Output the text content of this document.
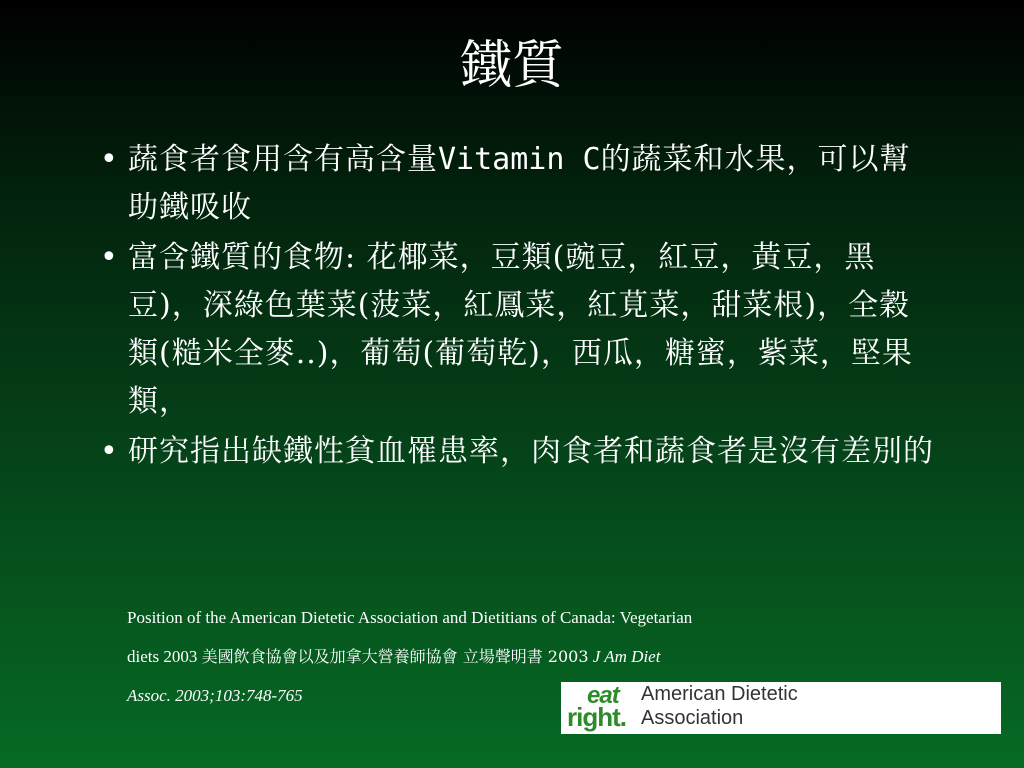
鐵質
• 蔬食者食用含有高含量Vitamin C的蔬菜和水果，可以幫助鐵吸收
• 富含鐵質的食物: 花椰菜，豆類(豌豆，紅豆，黃豆，黑豆)，深綠色葉菜(菠菜，紅鳳菜，紅莧菜，甜菜根)，全穀類(糙米全麥..)，葡萄(葡萄乾)，西瓜，糖蜜，紫菜，堅果類，
• 研究指出缺鐵性貧血罹患率，肉食者和蔬食者是沒有差別的
Position of the American Dietetic Association and Dietitians of Canada: Vegetarian
diets 2003 美國飲食協會以及加拿大營養師協會 立場聲明書 2003 J Am Diet
Assoc. 2003;103:748-765	eat
right.
American Dietetic
Association
